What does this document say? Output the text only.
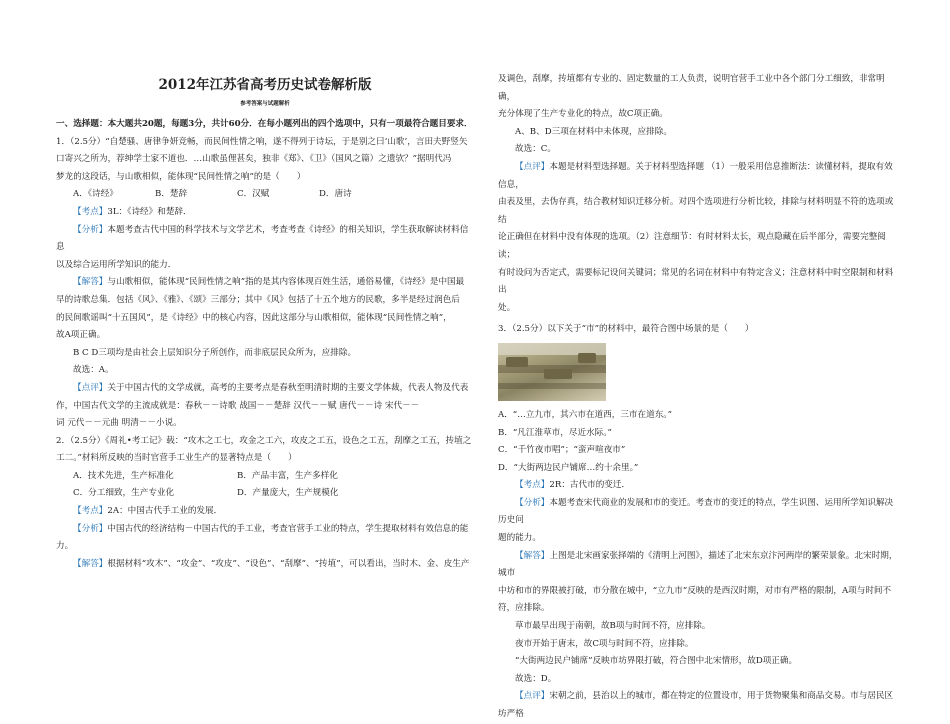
2012年江苏省高考历史试卷解析版
参考答案与试题解析

一、选择题：本大题共20题，每题3分，共计60分．在每小题列出的四个选项中，只有一项最符合题目要求．

1．（2.5分）“自楚骚、唐律争妍竞畅，而民间性情之响，遂不得列于诗坛，于是别之曰‘山歌’，言田夫野竖矢

口寄兴之所为，荐绅学士家不道也．…山歌虽俚甚矣，独非《郑》、《卫》（国风之篇）之遗欤？”据明代冯

梦龙的这段话，与山歌相似，能体现“民间性情之响”的是（　　）

A．《诗经》	B．楚辞	C．汉赋	D．唐诗

【考点】3L：《诗经》和楚辞．

【分析】本题考查古代中国的科学技术与文学艺术，考查考查《诗经》的相关知识，学生获取解读材料信息

以及综合运用所学知识的能力．

【解答】与山歌相似，能体现“民间性情之响”指的是其内容体现百姓生活，通俗易懂，《诗经》是中国最

早的诗歌总集．包括《风》、《雅》、《颂》三部分；其中《风》包括了十五个地方的民歌，多半是经过润色后

的民间歌谣叫“十五国风”，是《诗经》中的核心内容，因此这部分与山歌相似，能体现“民间性情之响”，

故A项正确。

B C D三项均是由社会上层知识分子所创作，而非底层民众所为，应排除。

故选：A。

【点评】关于中国古代的文学成就，高考的主要考点是春秋至明清时期的主要文学体裁，代表人物及代表

作，中国古代文学的主流成就是：春秋－－诗歌 战国－－楚辞 汉代－－赋 唐代－－诗 宋代－－

词 元代－－元曲 明清－－小说。

2．（2.5分）《周礼•考工记》载：“攻木之工七，攻金之工六，攻皮之工五，设色之工五，刮摩之工五，抟埴之

工二。”材料所反映的当时官营手工业生产的显著特点是（　　）

A．技术先进，生产标准化	B．产品丰富，生产多样化
C．分工细致，生产专业化	D．产量庞大，生产规模化

【考点】2A：中国古代手工业的发展．

【分析】中国古代的经济结构－中国古代的手工业，考查官营手工业的特点，学生提取材料有效信息的能

力。

【解答】根据材料“攻木”、“攻金”、“攻皮”、“设色”、“刮摩”、“抟埴”，可以看出，当时木、金、皮生产

及调色，刮摩，抟埴都有专业的、固定数量的工人负责，说明官营手工业中各个部门分工细致，非常明确，

充分体现了生产专业化的特点，故C项正确。

A、B、D三项在材料中未体现，应排除。

故选：C。

【点评】本题是材料型选择题。关于材料型选择题 （1）一般采用信息推断法：读懂材料，提取有效信息，

由表及里，去伪存真，结合教材知识迁移分析。对四个选项进行分析比较，排除与材料明显不符的选项或结

论正确但在材料中没有体现的选项。（2）注意细节：有时材料太长，观点隐藏在后半部分，需要完整阅读；

有时设问为否定式，需要标记设问关键词；常见的名词在材料中有特定含义；注意材料中时空限制和材料出

处。

3．（2.5分）以下关于“市”的材料中，最符合图中场景的是（　　）

A．“…立九市，其六市在道西，三市在道东。”

B．“凡江淮草市，尽近水际。”

C．“千竹夜市唱”；“蛮声喧夜市”

D．“大街两边民户铺席…约十余里。”

【考点】2R：古代市的变迁．

【分析】本题考查宋代商业的发展和市的变迁。考查市的变迁的特点，学生识图、运用所学知识解决历史问

题的能力。

【解答】上图是北宋画家张择端的《清明上河图》，描述了北宋东京汴河两岸的繁荣景象。北宋时期，城市

中坊和市的界限被打破，市分散在城中，“立九市”反映的是西汉时期，对市有严格的限制，A项与时间不

符，应排除。

草市最早出现于南朝，故B项与时间不符，应排除。

夜市开始于唐末，故C项与时间不符，应排除。

“大街两边民户铺席”反映市坊界限打破，符合图中北宋情形，故D项正确。

故选：D。

【点评】宋朝之前，县治以上的城市，都在特定的位置设市，用于货物聚集和商品交易。市与居民区坊严格
